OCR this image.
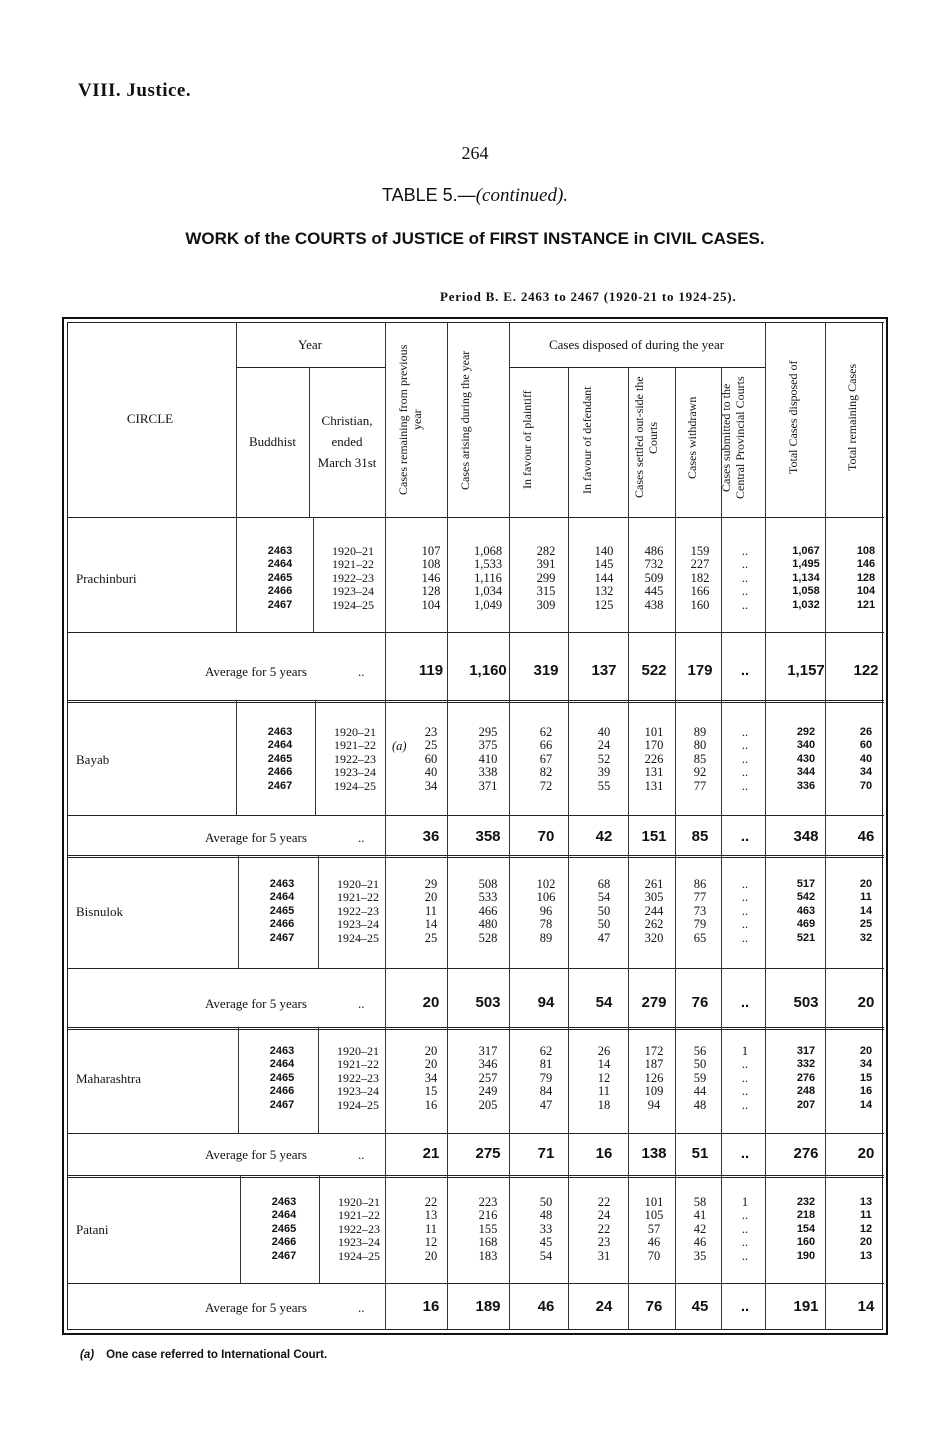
VIII. Justice.
264
TABLE 5.—(continued).
WORK of the COURTS of JUSTICE of FIRST INSTANCE in CIVIL CASES.
Period B. E. 2463 to 2467 (1920-21 to 1924-25).
CIRCLE
Year
Buddhist
Christian,
ended
March 31st	Cases remaining from previous year	Cases arising during the year
Cases disposed of during the year
In favour of plaintiff	In favour of defendant	Cases settled out-side the Courts	Cases withdrawn	Cases submitted to the Central Provincial Courts	Total Cases disposed of	Total remaining Cases
(a) One case referred to International Court.
Prachinburi
2463	1920–21	107	1,068	282	140	486	159	..	1,067	108
2464	1921–22	108	1,533	391	145	732	227	..	1,495	146
2465	1922–23	146	1,116	299	144	509	182	..	1,134	128
2466	1923–24	128	1,034	315	132	445	166	..	1,058	104
2467	1924–25	104	1,049	309	125	438	160	..	1,032	121
Average for 5 years	..	119	1,160	319	137	522	179	..	1,157	122
Bayab
2463	1920–21	23	295	62	40	101	89	..	292	26
2464	1921–22	25	375	66	24	170	80	..	340	60
2465	1922–23	60	410	67	52	226	85	..	430	40
2466	1923–24	40	338	82	39	131	92	..	344	34
2467	1924–25	34	371	72	55	131	77	..	336	70
(a)
Average for 5 years	..	36	358	70	42	151	85	..	348	46
Bisnulok
2463	1920–21	29	508	102	68	261	86	..	517	20
2464	1921–22	20	533	106	54	305	77	..	542	11
2465	1922–23	11	466	96	50	244	73	..	463	14
2466	1923–24	14	480	78	50	262	79	..	469	25
2467	1924–25	25	528	89	47	320	65	..	521	32
Average for 5 years	..	20	503	94	54	279	76	..	503	20
Maharashtra
2463	1920–21	20	317	62	26	172	56	1	317	20
2464	1921–22	20	346	81	14	187	50	..	332	34
2465	1922–23	34	257	79	12	126	59	..	276	15
2466	1923–24	15	249	84	11	109	44	..	248	16
2467	1924–25	16	205	47	18	94	48	..	207	14
Average for 5 years	..	21	275	71	16	138	51	..	276	20
Patani
2463	1920–21	22	223	50	22	101	58	1	232	13
2464	1921–22	13	216	48	24	105	41	..	218	11
2465	1922–23	11	155	33	22	57	42	..	154	12
2466	1923–24	12	168	45	23	46	46	..	160	20
2467	1924–25	20	183	54	31	70	35	..	190	13
Average for 5 years	..	16	189	46	24	76	45	..	191	14
